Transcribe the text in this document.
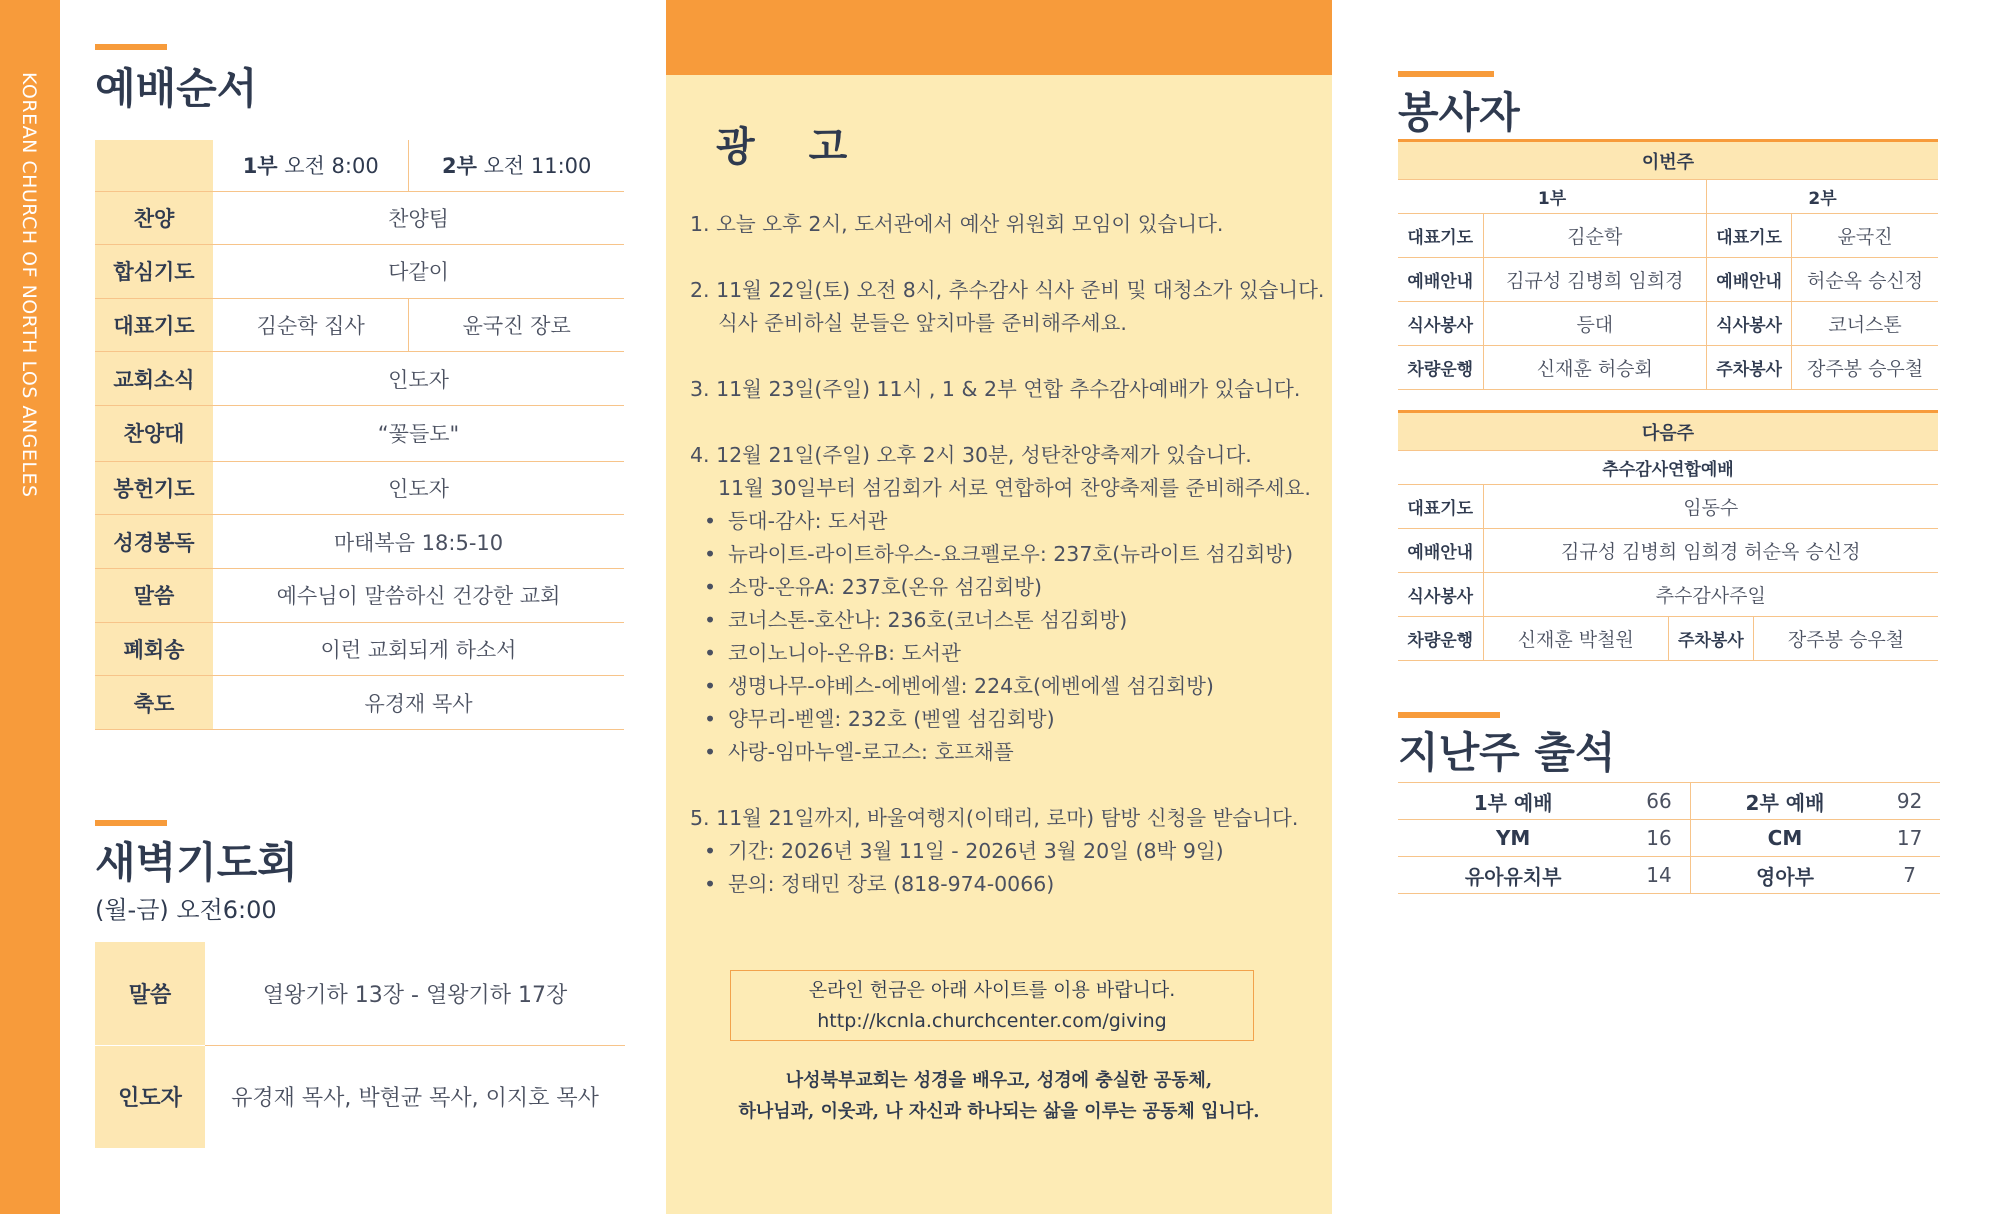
KOREAN CHURCH OF NORTH LOS ANGELES 예배순서
	1부 오전 8:00	2부 오전 11:00
찬양	찬양팀	
합심기도	다같이	
대표기도	김순학 집사	윤국진 장로
교회소식	인도자	
찬양대	“꽃들도"	
봉헌기도	인도자	
성경봉독	마태복음 18:5-10	
말씀	예수님이 말씀하신 건강한 교회	
폐회송	이런 교회되게 하소서	
축도	유경재 목사	
새벽기도회
(월-금) 오전6:00
말씀	열왕기하 13장 - 열왕기하 17장
인도자	유경재 목사, 박현균 목사, 이지호 목사
광 고
1. 오늘 오후 2시, 도서관에서 예산 위원회 모임이 있습니다.
2. 11월 22일(토) 오전 8시, 추수감사 식사 준비 및 대청소가 있습니다.
식사 준비하실 분들은 앞치마를 준비해주세요.
3. 11월 23일(주일) 11시 , 1 & 2부 연합 추수감사예배가 있습니다.
4. 12월 21일(주일) 오후 2시 30분, 성탄찬양축제가 있습니다.
11월 30일부터 섬김회가 서로 연합하여 찬양축제를 준비해주세요.
• 등대-감사: 도서관
• 뉴라이트-라이트하우스-요크펠로우: 237호(뉴라이트 섬김회방)
• 소망-온유A: 237호(온유 섬김회방)
• 코너스톤-호산나: 236호(코너스톤 섬김회방)
• 코이노니아-온유B: 도서관
• 생명나무-야베스-에벤에셀: 224호(에벤에셀 섬김회방)
• 양무리-벧엘: 232호 (벧엘 섬김회방)
• 사랑-임마누엘-로고스: 호프채플
5. 11월 21일까지, 바울여행지(이태리, 로마) 탐방 신청을 받습니다.
• 기간: 2026년 3월 11일 - 2026년 3월 20일 (8박 9일)
• 문의: 정태민 장로 (818-974-0066)
온라인 헌금은 아래 사이트를 이용 바랍니다.
http://kcnla.churchcenter.com/giving
나성북부교회는 성경을 배우고, 성경에 충실한 공동체,
하나님과, 이웃과, 나 자신과 하나되는 삶을 이루는 공동체 입니다.
봉사자
이번주			
1부		2부	
대표기도	김순학	대표기도	윤국진
예배안내	김규성 김병희 임희경	예배안내	허순옥 승신정
식사봉사	등대	식사봉사	코너스톤
차량운행	신재훈 허승회	주차봉사	장주봉 승우철
다음주			
추수감사연합예배			
대표기도	임동수		
예배안내	김규성 김병희 임희경 허순옥 승신정		
식사봉사	추수감사주일		
차량운행	신재훈 박철원	주차봉사	장주봉 승우철
지난주 출석
1부 예배	66	2부 예배	92
YM	16	CM	17
유아유치부	14	영아부	7
